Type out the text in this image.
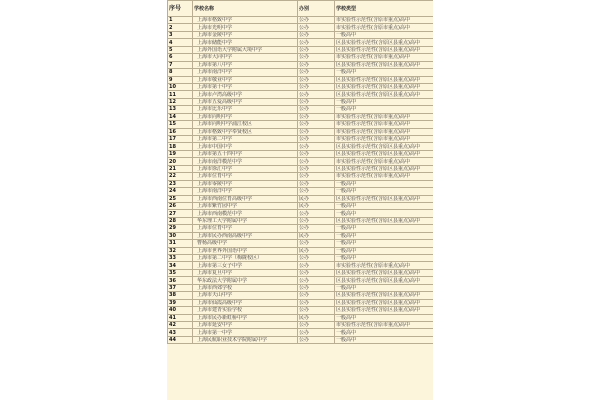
序号	学校名称	办别	学校类型
1	上海市格致中学	公办	市实验性示范性(含原市重点)高中
2	上海市光明中学	公办	市实验性示范性(含原市重点)高中
3	上海市金陵中学	公办	一般高中
4	上海市储能中学	公办	区县实验性示范性(含原区县重点)高中
5	上海外国语大学附属大境中学	公办	区县实验性示范性(含原区县重点)高中
6	上海市大同中学	公办	市实验性示范性(含原市重点)高中
7	上海市第八中学	公办	区县实验性示范性(含原区县重点)高中
8	上海市南洋中学	公办	一般高中
9	上海市敬业中学	公办	区县实验性示范性(含原区县重点)高中
10	上海市第十中学	公办	区县实验性示范性(含原区县重点)高中
11	上海市卢湾高级中学	公办	区县实验性示范性(含原区县重点)高中
12	上海市五爱高级中学	公办	一般高中
13	上海市比乐中学	公办	一般高中
14	上海市向明中学	公办	市实验性示范性(含原市重点)高中
15	上海市向明中学浦江校区	公办	市实验性示范性(含原市重点)高中
16	上海市格致中学奉贤校区	公办	市实验性示范性(含原市重点)高中
17	上海市第二中学	公办	市实验性示范性(含原市重点)高中
18	上海市中国中学	公办	区县实验性示范性(含原区县重点)高中
19	上海市第五十四中学	公办	区县实验性示范性(含原区县重点)高中
20	上海市南洋模范中学	公办	市实验性示范性(含原市重点)高中
21	上海市徐汇中学	公办	区县实验性示范性(含原区县重点)高中
22	上海市位育中学	公办	市实验性示范性(含原市重点)高中
23	上海市零陵中学	公办	一般高中
24	上海市南洋中学	公办	一般高中
25	上海市西南位育高级中学	民办	区县实验性示范性(含原区县重点)高中
26	上海市紫竹园中学	民办	一般高中
27	上海市西南模范中学	公办	一般高中
28	华东理工大学附属中学	公办	区县实验性示范性(含原区县重点)高中
29	上海市位育中学	公办	一般高中
30	上海市民办西南高级中学	民办	一般高中
31	曹杨高级中学	公办	一般高中
32	上海市世界外国语中学	民办	一般高中
33	上海市第二中学（梅陇校区）	公办	一般高中
34	上海市第三女子中学	公办	市实验性示范性(含原市重点)高中
35	上海市复旦中学	公办	区县实验性示范性(含原区县重点)高中
36	华东政法大学附属中学	公办	区县实验性示范性(含原区县重点)高中
37	上海市西郊学校	公办	一般高中
38	上海市天山中学	公办	区县实验性示范性(含原区县重点)高中
39	上海市仙霞高级中学	公办	区县实验性示范性(含原区县重点)高中
40	上海市建青实验学校	公办	区县实验性示范性(含原区县重点)高中
41	上海市民办新虹桥中学	民办	一般高中
42	上海市延安中学	公办	市实验性示范性(含原市重点)高中
43	上海市第一中学	公办	一般高中
44	上海民航职业技术学院附属中学	公办	一般高中
